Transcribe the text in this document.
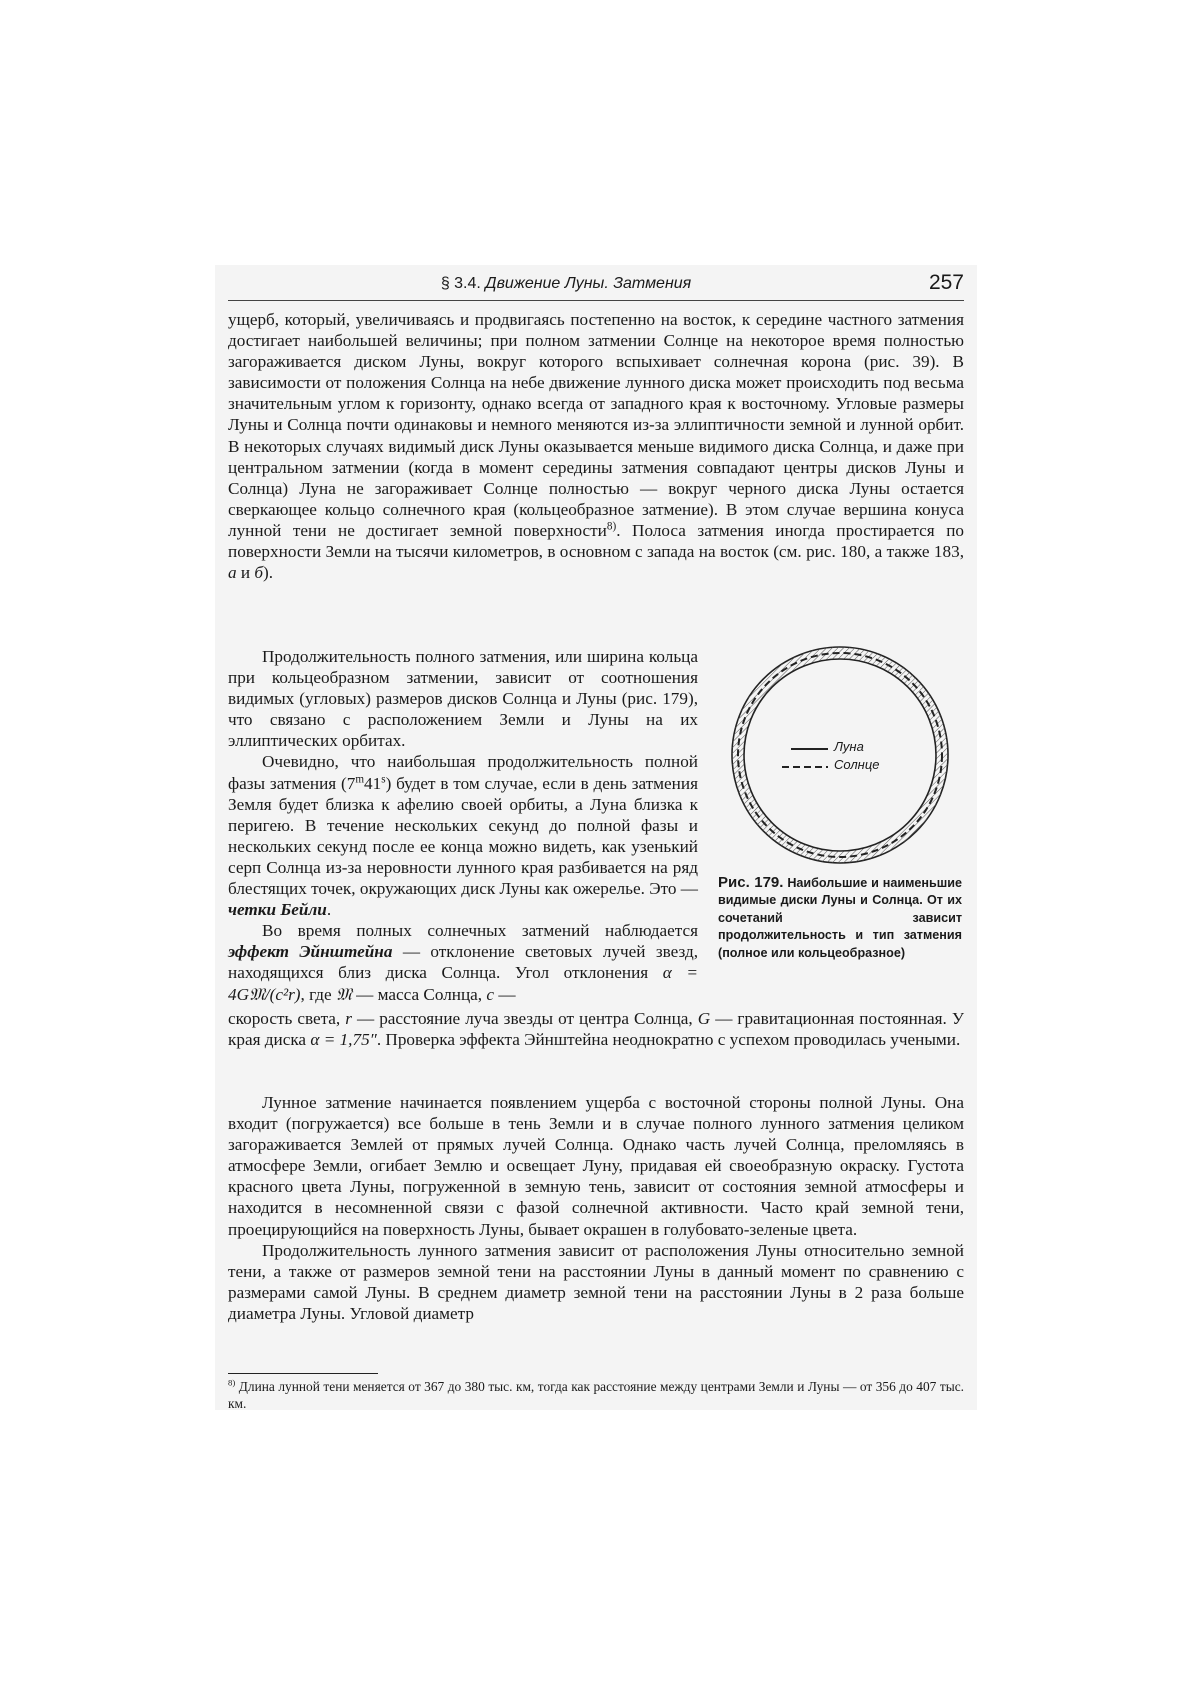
§ 3.4. Движение Луны. Затмения	257

ущерб, который, увеличиваясь и продвигаясь постепенно на восток, к середине частного затмения достигает наибольшей величины; при полном затмении Солнце на некоторое время полностью загораживается диском Луны, вокруг которого вспыхивает солнечная корона (рис. 39). В зависимости от положения Солнца на небе движение лунного диска может происходить под весьма значительным углом к горизонту, однако всегда от западного края к восточному. Угловые размеры Луны и Солнца почти одинаковы и немного меняются из-за эллиптичности земной и лунной орбит. В некоторых случаях видимый диск Луны оказывается меньше видимого диска Солнца, и даже при центральном затмении (когда в момент середины затмения совпадают центры дисков Луны и Солнца) Луна не загораживает Солнце полностью — вокруг черного диска Луны остается сверкающее кольцо солнечного края (кольцеобразное затмение). В этом случае вершина конуса лунной тени не достигает земной поверхности$^{8)}$. Полоса затмения иногда простирается по поверхности Земли на тысячи километров, в основном с запада на восток (см. рис. 180, а также 183, а и б).

Продолжительность полного затмения, или ширина кольца при кольцеобразном затмении, зависит от соотношения видимых (угловых) размеров дисков Солнца и Луны (рис. 179), что связано с расположением Земли и Луны на их эллиптических орбитах.

Очевидно, что наибольшая продолжительность полной фазы затмения (7$^m$41$^s$) будет в том случае, если в день затмения Земля будет близка к афелию своей орбиты, а Луна близка к перигею. В течение нескольких секунд до полной фазы и нескольких секунд после ее конца можно видеть, как узенький серп Солнца из-за неровности лунного края разбивается на ряд блестящих точек, окружающих диск Луны как ожерелье. Это — четки Бейли.

Во время полных солнечных затмений наблюдается эффект Эйнштейна — отклонение световых лучей звезд, находящихся близ диска Солнца. Угол отклонения α = 4G𝔐/(c²r), где 𝔐 — масса Солнца, c —

скорость света, r — расстояние луча звезды от центра Солнца, G — гравитационная постоянная. У края диска α = 1,75″. Проверка эффекта Эйнштейна неоднократно с успехом проводилась учеными.

Лунное затмение начинается появлением ущерба с восточной стороны полной Луны. Она входит (погружается) все больше в тень Земли и в случае полного лунного затмения целиком загораживается Землей от прямых лучей Солнца. Однако часть лучей Солнца, преломляясь в атмосфере Земли, огибает Землю и освещает Луну, придавая ей своеобразную окраску. Густота красного цвета Луны, погруженной в земную тень, зависит от состояния земной атмосферы и находится в несомненной связи с фазой солнечной активности. Часто край земной тени, проецирующийся на поверхность Луны, бывает окрашен в голубовато-зеленые цвета.

Продолжительность лунного затмения зависит от расположения Луны относительно земной тени, а также от размеров земной тени на расстоянии Луны в данный момент по сравнению с размерами самой Луны. В среднем диаметр земной тени на расстоянии Луны в 2 раза больше диаметра Луны. Угловой диаметр

Луна
Солнце
Рис. 179. Наибольшие и наименьшие видимые диски Луны и Солнца. От их сочетаний зависит продолжительность и тип затмения (полное или кольцеобразное)
$^{8)}$ Длина лунной тени меняется от 367 до 380 тыс. км, тогда как расстояние между центрами Земли и Луны — от 356 до 407 тыс. км.
